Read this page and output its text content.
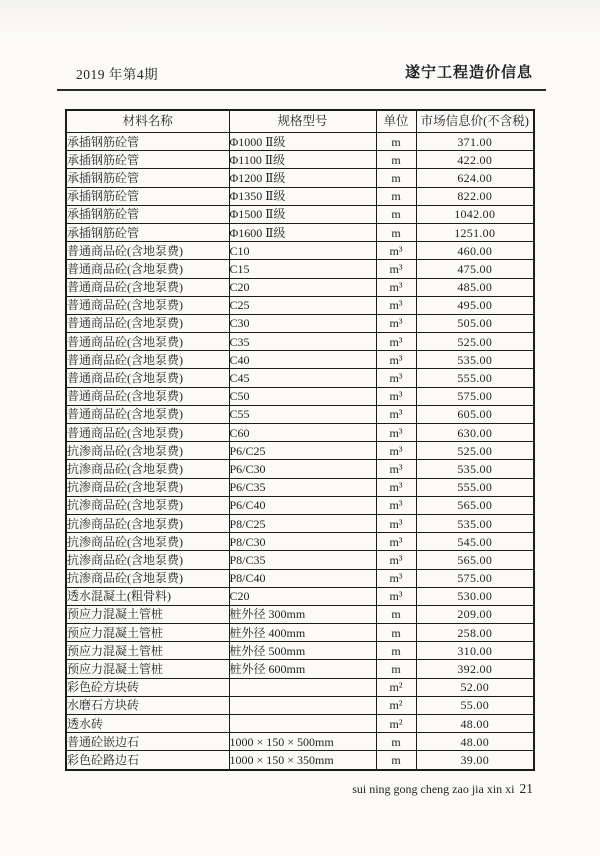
2019 年第4期	遂宁工程造价信息
材料名称	规格型号	单位	市场信息价(不含税)
承插钢筋砼管	Φ1000 Ⅱ级	m	371.00
承插钢筋砼管	Φ1100 Ⅱ级	m	422.00
承插钢筋砼管	Φ1200 Ⅱ级	m	624.00
承插钢筋砼管	Φ1350 Ⅱ级	m	822.00
承插钢筋砼管	Φ1500 Ⅱ级	m	1042.00
承插钢筋砼管	Φ1600 Ⅱ级	m	1251.00
普通商品砼(含地泵费)	C10	m³	460.00
普通商品砼(含地泵费)	C15	m³	475.00
普通商品砼(含地泵费)	C20	m³	485.00
普通商品砼(含地泵费)	C25	m³	495.00
普通商品砼(含地泵费)	C30	m³	505.00
普通商品砼(含地泵费)	C35	m³	525.00
普通商品砼(含地泵费)	C40	m³	535.00
普通商品砼(含地泵费)	C45	m³	555.00
普通商品砼(含地泵费)	C50	m³	575.00
普通商品砼(含地泵费)	C55	m³	605.00
普通商品砼(含地泵费)	C60	m³	630.00
抗渗商品砼(含地泵费)	P6/C25	m³	525.00
抗渗商品砼(含地泵费)	P6/C30	m³	535.00
抗渗商品砼(含地泵费)	P6/C35	m³	555.00
抗渗商品砼(含地泵费)	P6/C40	m³	565.00
抗渗商品砼(含地泵费)	P8/C25	m³	535.00
抗渗商品砼(含地泵费)	P8/C30	m³	545.00
抗渗商品砼(含地泵费)	P8/C35	m³	565.00
抗渗商品砼(含地泵费)	P8/C40	m³	575.00
透水混凝土(粗骨料)	C20	m³	530.00
预应力混凝土管桩	桩外径 300mm	m	209.00
预应力混凝土管桩	桩外径 400mm	m	258.00
预应力混凝土管桩	桩外径 500mm	m	310.00
预应力混凝土管桩	桩外径 600mm	m	392.00
彩色砼方块砖		m²	52.00
水磨石方块砖		m²	55.00
透水砖		m²	48.00
普通砼嵌边石	1000 × 150 × 500mm	m	48.00
彩色砼路边石	1000 × 150 × 350mm	m	39.00
sui ning gong cheng zao jia xin xi 21
